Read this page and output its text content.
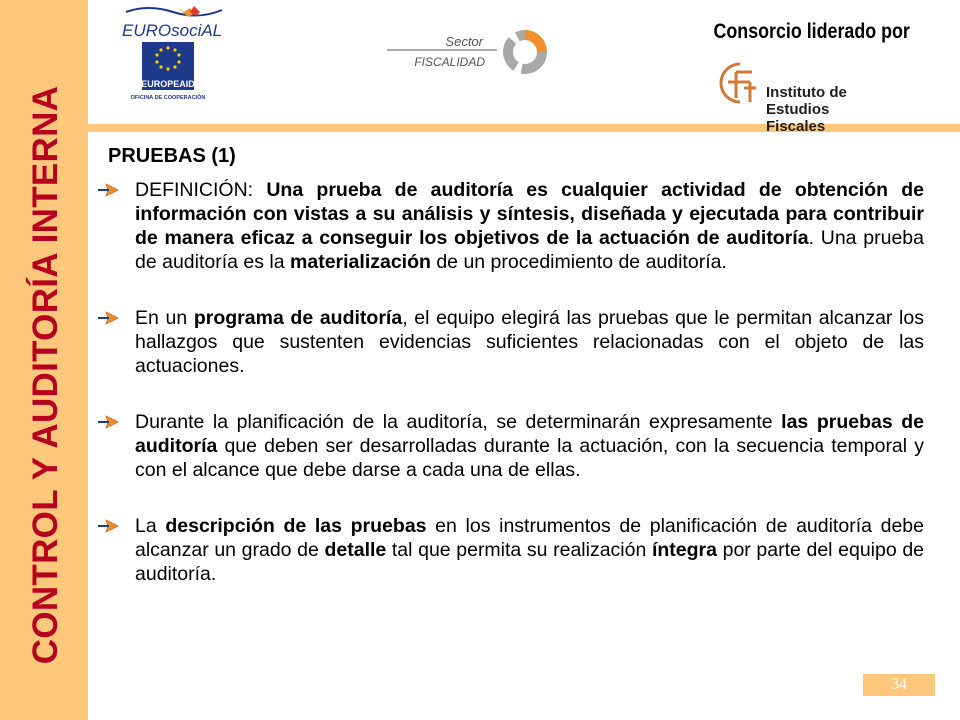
CONTROL Y AUDITORÍA INTERNA
EUROsociAL
EUROPEAID
OFICINA DE COOPERACIÓN
Sector
FISCALIDAD
Consorcio liderado por
Instituto de
Estudios Fiscales
PRUEBAS (1)
DEFINICIÓN: Una prueba de auditoría es cualquier actividad de obtención de información con vistas a su análisis y síntesis, diseñada y ejecutada para contribuir de manera eficaz a conseguir los objetivos de la actuación de auditoría. Una prueba de auditoría es la materialización de un procedimiento de auditoría.
En un programa de auditoría, el equipo elegirá las pruebas que le permitan alcanzar los hallazgos que sustenten evidencias suficientes relacionadas con el objeto de las actuaciones.
Durante la planificación de la auditoría, se determinarán expresamente las pruebas de auditoría que deben ser desarrolladas durante la actuación, con la secuencia temporal y con el alcance que debe darse a cada una de ellas.
La descripción de las pruebas en los instrumentos de planificación de auditoría debe alcanzar un grado de detalle tal que permita su realización íntegra por parte del equipo de auditoría.
34
